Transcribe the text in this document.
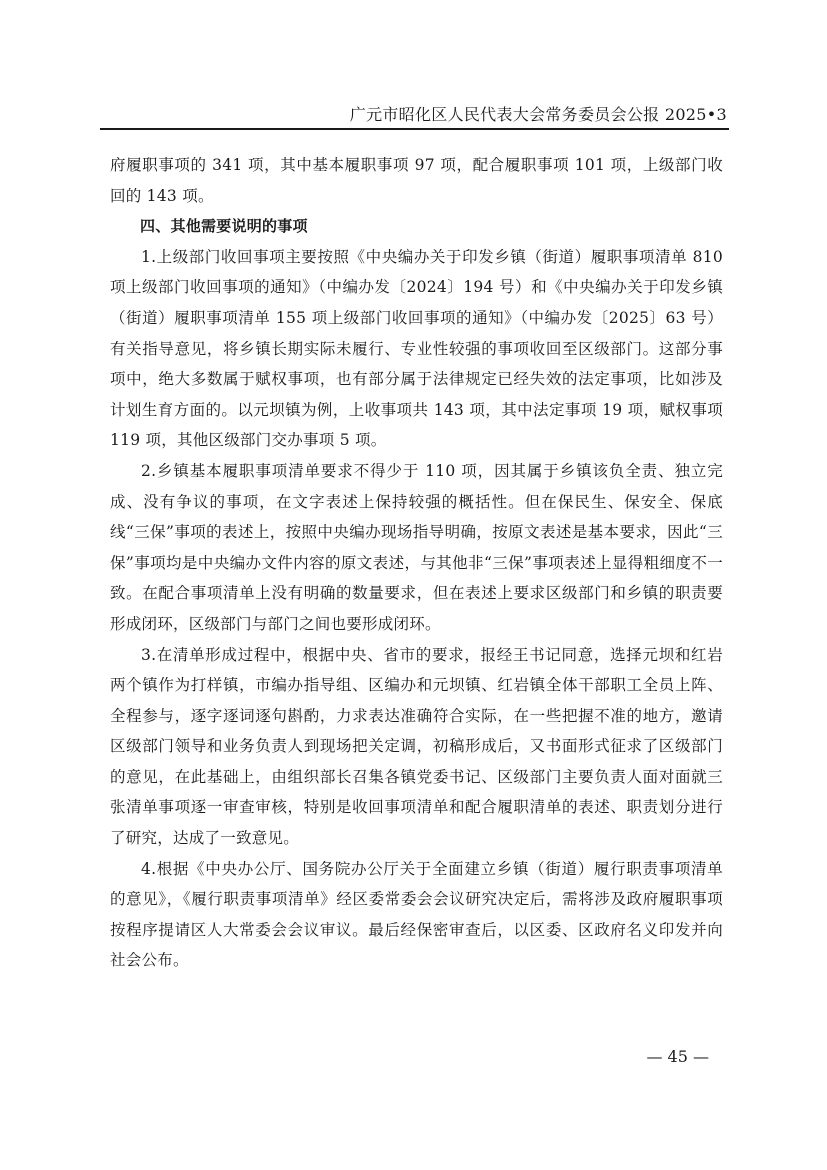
广元市昭化区人民代表大会常务委员会公报 2025•3

府履职事项的 341 项，其中基本履职事项 97 项，配合履职事项 101 项，上级部门收回的 143 项。

四、其他需要说明的事项

1.上级部门收回事项主要按照《中央编办关于印发乡镇（街道）履职事项清单 810 项上级部门收回事项的通知》（中编办发〔2024〕194 号）和《中央编办关于印发乡镇（街道）履职事项清单 155 项上级部门收回事项的通知》（中编办发〔2025〕63 号）有关指导意见，将乡镇长期实际未履行、专业性较强的事项收回至区级部门。这部分事项中，绝大多数属于赋权事项，也有部分属于法律规定已经失效的法定事项，比如涉及计划生育方面的。以元坝镇为例，上收事项共 143 项，其中法定事项 19 项，赋权事项 119 项，其他区级部门交办事项 5 项。

2.乡镇基本履职事项清单要求不得少于 110 项，因其属于乡镇该负全责、独立完成、没有争议的事项，在文字表述上保持较强的概括性。但在保民生、保安全、保底线“三保”事项的表述上，按照中央编办现场指导明确，按原文表述是基本要求，因此“三保”事项均是中央编办文件内容的原文表述，与其他非“三保”事项表述上显得粗细度不一致。在配合事项清单上没有明确的数量要求，但在表述上要求区级部门和乡镇的职责要形成闭环，区级部门与部门之间也要形成闭环。

3.在清单形成过程中，根据中央、省市的要求，报经王书记同意，选择元坝和红岩两个镇作为打样镇，市编办指导组、区编办和元坝镇、红岩镇全体干部职工全员上阵、全程参与，逐字逐词逐句斟酌，力求表达准确符合实际，在一些把握不准的地方，邀请区级部门领导和业务负责人到现场把关定调，初稿形成后，又书面形式征求了区级部门的意见，在此基础上，由组织部长召集各镇党委书记、区级部门主要负责人面对面就三张清单事项逐一审查审核，特别是收回事项清单和配合履职清单的表述、职责划分进行了研究，达成了一致意见。

4.根据《中央办公厅、国务院办公厅关于全面建立乡镇（街道）履行职责事项清单的意见》，《履行职责事项清单》经区委常委会会议研究决定后，需将涉及政府履职事项按程序提请区人大常委会会议审议。最后经保密审查后，以区委、区政府名义印发并向社会公布。

— 45 —
